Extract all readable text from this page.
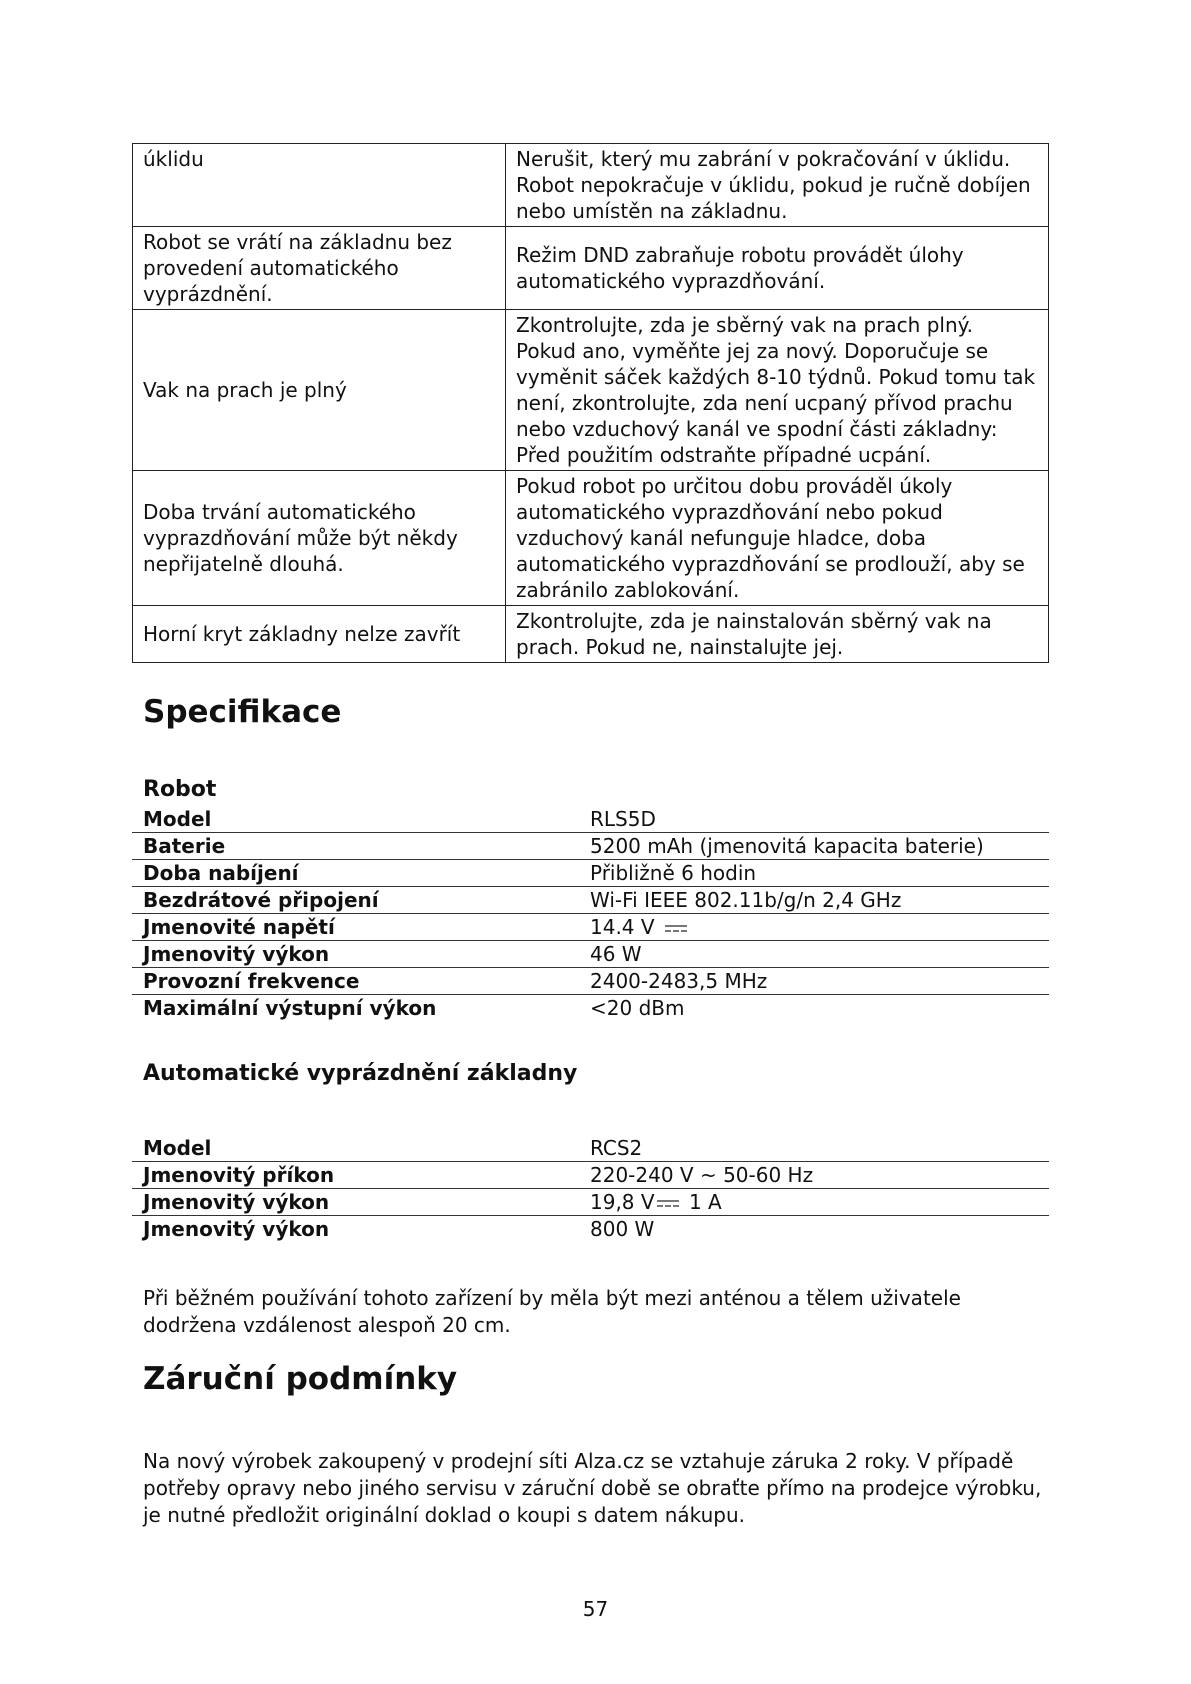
úklidu	Nerušit, který mu zabrání v pokračování v úklidu. Robot nepokračuje v úklidu, pokud je ručně dobíjen nebo umístěn na základnu.
Robot se vrátí na základnu bez provedení automatického vyprázdnění.	Režim DND zabraňuje robotu provádět úlohy automatického vyprazdňování.
Vak na prach je plný	Zkontrolujte, zda je sběrný vak na prach plný. Pokud ano, vyměňte jej za nový. Doporučuje se vyměnit sáček každých 8-10 týdnů. Pokud tomu tak není, zkontrolujte, zda není ucpaný přívod prachu nebo vzduchový kanál ve spodní části základny: Před použitím odstraňte případné ucpání.
Doba trvání automatického vyprazdňování může být někdy nepřijatelně dlouhá.	Pokud robot po určitou dobu prováděl úkoly automatického vyprazdňování nebo pokud vzduchový kanál nefunguje hladce, doba automatického vyprazdňování se prodlouží, aby se zabránilo zablokování.
Horní kryt základny nelze zavřít	Zkontrolujte, zda je nainstalován sběrný vak na prach. Pokud ne, nainstalujte jej.
Specifikace
Robot
Model	RLS5D
Baterie	5200 mAh (jmenovitá kapacita baterie)
Doba nabíjení	Přibližně 6 hodin
Bezdrátové připojení	Wi-Fi IEEE 802.11b/g/n 2,4 GHz
Jmenovité napětí	14.4 V
Jmenovitý výkon	46 W
Provozní frekvence	2400-2483,5 MHz
Maximální výstupní výkon	<20 dBm
Automatické vyprázdnění základny
Model	RCS2
Jmenovitý příkon	220-240 V ~ 50-60 Hz
Jmenovitý výkon	19,8 V 1 A
Jmenovitý výkon	800 W

Při běžném používání tohoto zařízení by měla být mezi anténou a tělem uživatele dodržena vzdálenost alespoň 20 cm.

Záruční podmínky

Na nový výrobek zakoupený v prodejní síti Alza.cz se vztahuje záruka 2 roky. V případě potřeby opravy nebo jiného servisu v záruční době se obraťte přímo na prodejce výrobku, je nutné předložit originální doklad o koupi s datem nákupu.

57
